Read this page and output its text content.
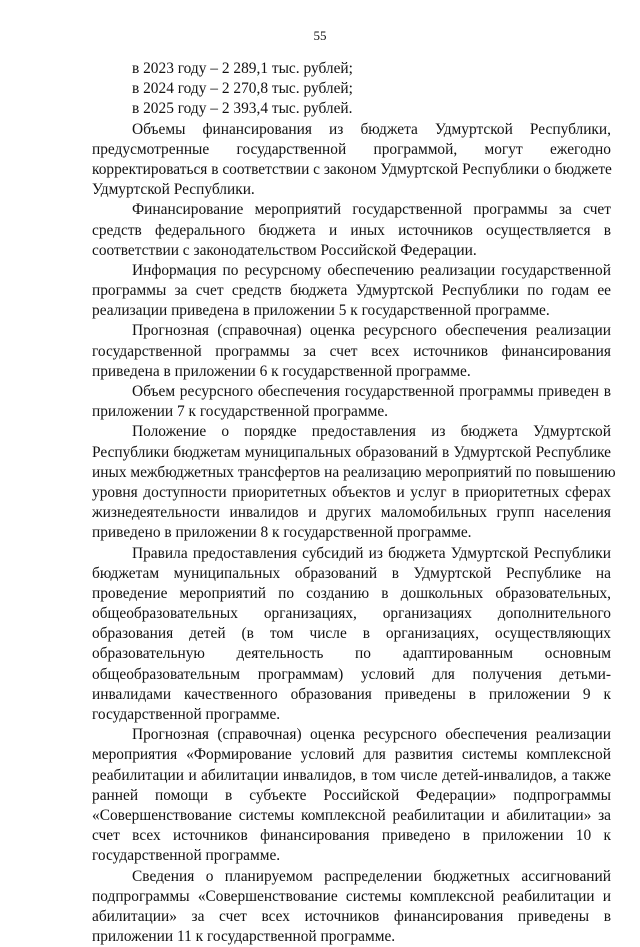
55
в 2023 году – 2 289,1 тыс. рублей;
в 2024 году – 2 270,8 тыс. рублей;
в 2025 году – 2 393,4 тыс. рублей.
Объемы финансирования из бюджета Удмуртской Республики,
предусмотренные государственной программой, могут ежегодно
корректироваться в соответствии с законом Удмуртской Республики о бюджете
Удмуртской Республики.
Финансирование мероприятий государственной программы за счет
средств федерального бюджета и иных источников осуществляется в
соответствии с законодательством Российской Федерации.
Информация по ресурсному обеспечению реализации государственной
программы за счет средств бюджета Удмуртской Республики по годам ее
реализации приведена в приложении 5 к государственной программе.
Прогнозная (справочная) оценка ресурсного обеспечения реализации
государственной программы за счет всех источников финансирования
приведена в приложении 6 к государственной программе.
Объем ресурсного обеспечения государственной программы приведен в
приложении 7 к государственной программе.
Положение о порядке предоставления из бюджета Удмуртской
Республики бюджетам муниципальных образований в Удмуртской Республике
иных межбюджетных трансфертов на реализацию мероприятий по повышению
уровня доступности приоритетных объектов и услуг в приоритетных сферах
жизнедеятельности инвалидов и других маломобильных групп населения
приведено в приложении 8 к государственной программе.
Правила предоставления субсидий из бюджета Удмуртской Республики
бюджетам муниципальных образований в Удмуртской Республике на
проведение мероприятий по созданию в дошкольных образовательных,
общеобразовательных организациях, организациях дополнительного
образования детей (в том числе в организациях, осуществляющих
образовательную деятельность по адаптированным основным
общеобразовательным программам) условий для получения детьми-
инвалидами качественного образования приведены в приложении 9 к
государственной программе.
Прогнозная (справочная) оценка ресурсного обеспечения реализации
мероприятия «Формирование условий для развития системы комплексной
реабилитации и абилитации инвалидов, в том числе детей-инвалидов, а также
ранней помощи в субъекте Российской Федерации» подпрограммы
«Совершенствование системы комплексной реабилитации и абилитации» за
счет всех источников финансирования приведено в приложении 10 к
государственной программе.
Сведения о планируемом распределении бюджетных ассигнований
подпрограммы «Совершенствование системы комплексной реабилитации и
абилитации» за счет всех источников финансирования приведены в
приложении 11 к государственной программе.
